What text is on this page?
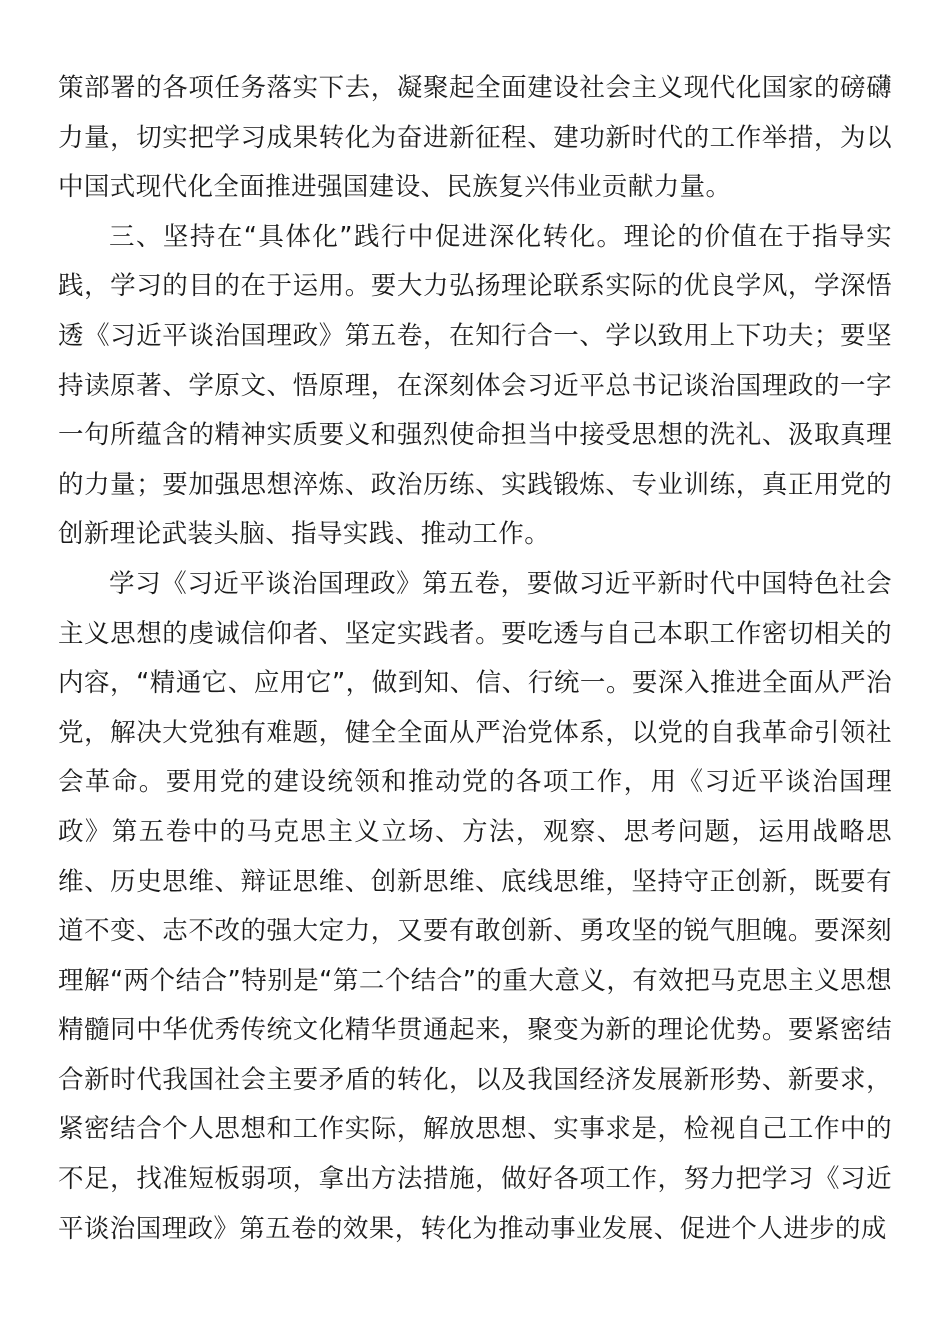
策部署的各项任务落实下去，凝聚起全面建设社会主义现代化国家的磅礴力量，切实把学习成果转化为奋进新征程、建功新时代的工作举措，为以中国式现代化全面推进强国建设、民族复兴伟业贡献力量。

三、坚持在“具体化”践行中促进深化转化。理论的价值在于指导实践，学习的目的在于运用。要大力弘扬理论联系实际的优良学风，学深悟透《习近平谈治国理政》第五卷，在知行合一、学以致用上下功夫；要坚持读原著、学原文、悟原理，在深刻体会习近平总书记谈治国理政的一字一句所蕴含的精神实质要义和强烈使命担当中接受思想的洗礼、汲取真理的力量；要加强思想淬炼、政治历练、实践锻炼、专业训练，真正用党的创新理论武装头脑、指导实践、推动工作。

学习《习近平谈治国理政》第五卷，要做习近平新时代中国特色社会主义思想的虔诚信仰者、坚定实践者。要吃透与自己本职工作密切相关的内容，“精通它、应用它”，做到知、信、行统一。要深入推进全面从严治党，解决大党独有难题，健全全面从严治党体系，以党的自我革命引领社会革命。要用党的建设统领和推动党的各项工作，用《习近平谈治国理政》第五卷中的马克思主义立场、方法，观察、思考问题，运用战略思维、历史思维、辩证思维、创新思维、底线思维，坚持守正创新，既要有道不变、志不改的强大定力，又要有敢创新、勇攻坚的锐气胆魄。要深刻理解“两个结合”特别是“第二个结合”的重大意义，有效把马克思主义思想精髓同中华优秀传统文化精华贯通起来，聚变为新的理论优势。要紧密结合新时代我国社会主要矛盾的转化，以及我国经济发展新形势、新要求，紧密结合个人思想和工作实际，解放思想、实事求是，检视自己工作中的不足，找准短板弱项，拿出方法措施，做好各项工作，努力把学习《习近平谈治国理政》第五卷的效果，转化为推动事业发展、促进个人进步的成
